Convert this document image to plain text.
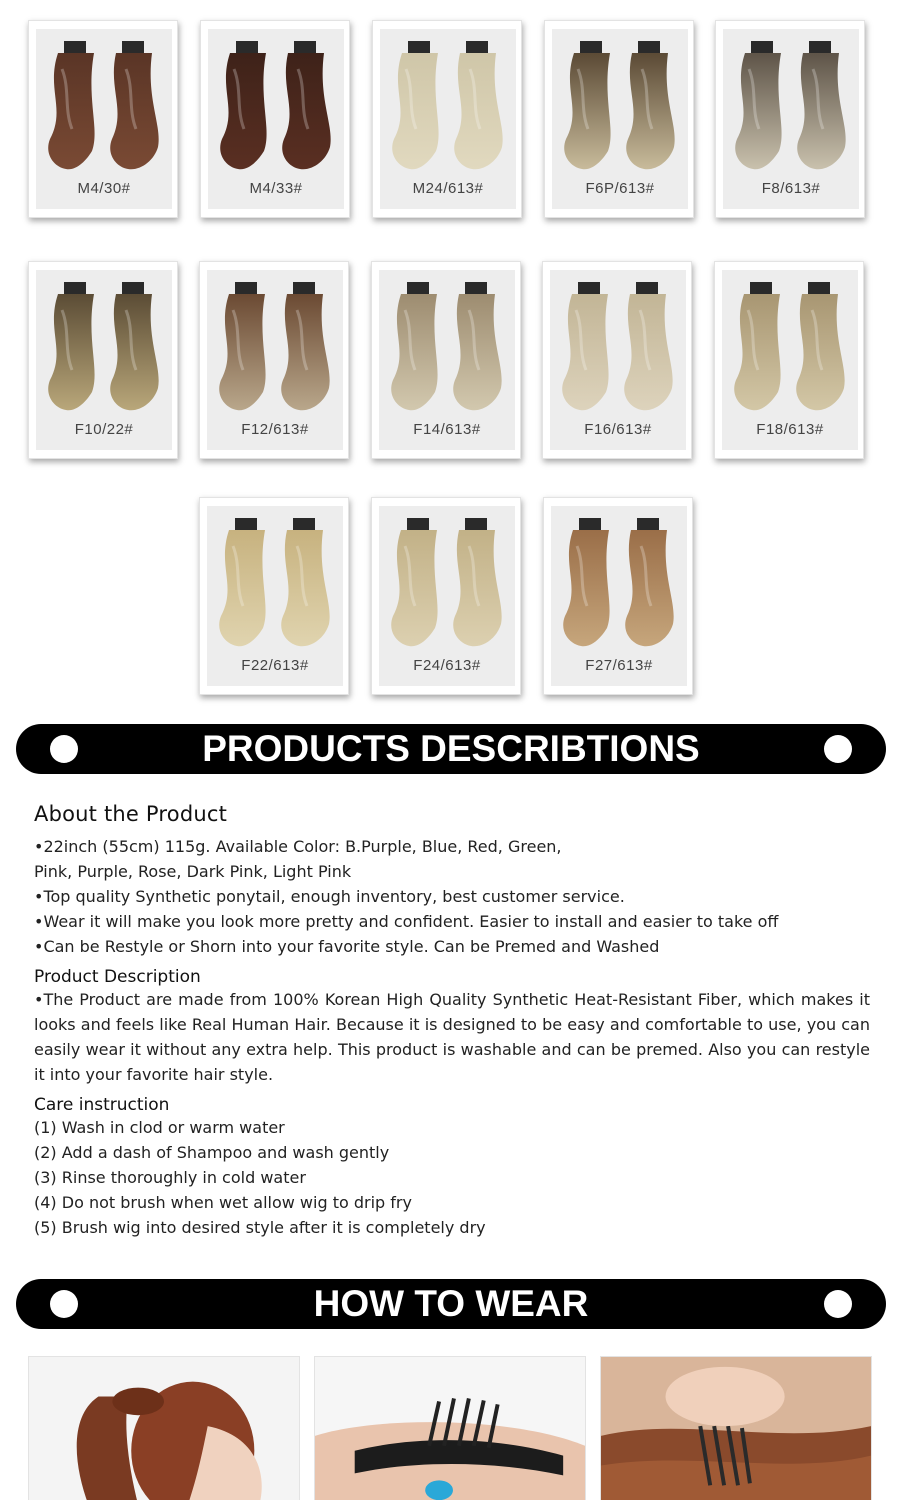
M4/30#	M4/33#	M24/613#	F6P/613#	F8/613#
F10/22#	F12/613#	F14/613#	F16/613#	F18/613#
F22/613#	F24/613#	F27/613#
PRODUCTS DESCRIBTIONS
About the Product

•22inch (55cm) 115g. Available Color: B.Purple, Blue, Red, Green,

Pink, Purple, Rose, Dark Pink, Light Pink

•Top quality Synthetic ponytail, enough inventory, best customer service.

•Wear it will make you look more pretty and confident. Easier to install and easier to take off

•Can be Restyle or Shorn into your favorite style. Can be Premed and Washed

Product Description

•The Product are made from 100% Korean High Quality Synthetic Heat-Resistant Fiber, which makes it looks and feels like Real Human Hair. Because it is designed to be easy and comfortable to use, you can easily wear it without any extra help. This product is washable and can be premed. Also you can restyle it into your favorite hair style.

Care instruction

(1) Wash in clod or warm water

(2) Add a dash of Shampoo and wash gently

(3) Rinse thoroughly in cold water

(4) Do not brush when wet allow wig to drip fry

(5) Brush wig into desired style after it is completely dry

HOW TO WEAR
